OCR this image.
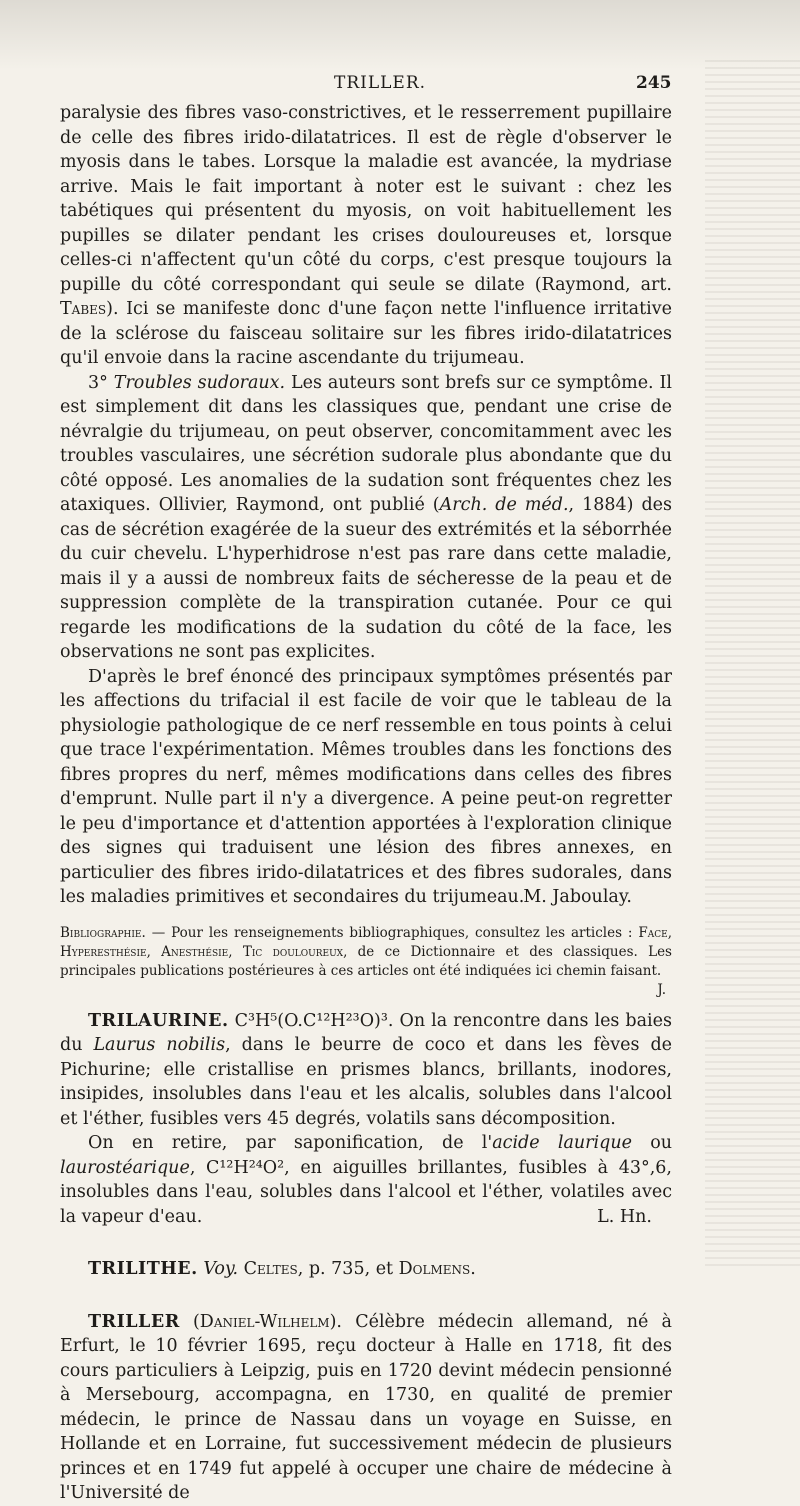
TRILLER.	245

paralysie des fibres vaso-constrictives, et le resserrement pupillaire de celle des fibres irido-dilatatrices. Il est de règle d'observer le myosis dans le tabes. Lorsque la maladie est avancée, la mydriase arrive. Mais le fait important à noter est le suivant : chez les tabétiques qui présentent du myosis, on voit habituellement les pupilles se dilater pendant les crises douloureuses et, lorsque celles-ci n'affectent qu'un côté du corps, c'est presque toujours la pupille du côté correspondant qui seule se dilate (Raymond, art. Tabes). Ici se manifeste donc d'une façon nette l'influence irritative de la sclérose du faisceau solitaire sur les fibres irido-dilatatrices qu'il envoie dans la racine ascendante du trijumeau.

3° Troubles sudoraux. Les auteurs sont brefs sur ce symptôme. Il est simplement dit dans les classiques que, pendant une crise de névralgie du trijumeau, on peut observer, concomitamment avec les troubles vasculaires, une sécrétion sudorale plus abondante que du côté opposé. Les anomalies de la sudation sont fréquentes chez les ataxiques. Ollivier, Raymond, ont publié (Arch. de méd., 1884) des cas de sécrétion exagérée de la sueur des extrémités et la séborrhée du cuir chevelu. L'hyperhidrose n'est pas rare dans cette maladie, mais il y a aussi de nombreux faits de sécheresse de la peau et de suppression complète de la transpiration cutanée. Pour ce qui regarde les modifications de la sudation du côté de la face, les observations ne sont pas explicites.

D'après le bref énoncé des principaux symptômes présentés par les affections du trifacial il est facile de voir que le tableau de la physiologie pathologique de ce nerf ressemble en tous points à celui que trace l'expérimentation. Mêmes troubles dans les fonctions des fibres propres du nerf, mêmes modifications dans celles des fibres d'emprunt. Nulle part il n'y a divergence. A peine peut-on regretter le peu d'importance et d'attention apportées à l'exploration clinique des signes qui traduisent une lésion des fibres annexes, en particulier des fibres irido-dilatatrices et des fibres sudorales, dans les maladies primitives et secondaires du trijumeau.

M. Jaboulay.

Bibliographie. — Pour les renseignements bibliographiques, consultez les articles : Face, Hyperesthésie, Anesthésie, Tic douloureux, de ce Dictionnaire et des classiques. Les principales publications postérieures à ces articles ont été indiquées ici chemin faisant.
J.

TRILAURINE. C³H⁵(O.C¹²H²³O)³. On la rencontre dans les baies du Laurus nobilis, dans le beurre de coco et dans les fèves de Pichurine; elle cristallise en prismes blancs, brillants, inodores, insipides, insolubles dans l'eau et les alcalis, solubles dans l'alcool et l'éther, fusibles vers 45 degrés, volatils sans décomposition.

On en retire, par saponification, de l'acide laurique ou laurostéarique, C¹²H²⁴O², en aiguilles brillantes, fusibles à 43°,6, insolubles dans l'eau, solubles dans l'alcool et l'éther, volatiles avec la vapeur d'eau.	L. Hn.

TRILITHE. Voy. Celtes, p. 735, et Dolmens.

TRILLER (Daniel-Wilhelm). Célèbre médecin allemand, né à Erfurt, le 10 février 1695, reçu docteur à Halle en 1718, fit des cours particuliers à Leipzig, puis en 1720 devint médecin pensionné à Mersebourg, accompagna, en 1730, en qualité de premier médecin, le prince de Nassau dans un voyage en Suisse, en Hollande et en Lorraine, fut successivement médecin de plusieurs princes et en 1749 fut appelé à occuper une chaire de médecine à l'Université de
